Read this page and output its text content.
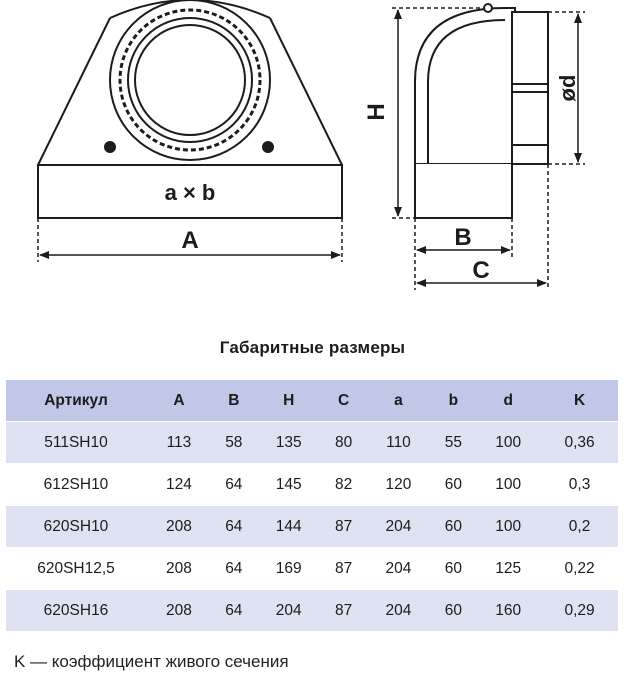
a × b
A
H
ød
B
C
Габаритные размеры
Артикул	A	B	H	C	a	b	d	K
511SH10	113	58	135	80	110	55	100	0,36
612SH10	124	64	145	82	120	60	100	0,3
620SH10	208	64	144	87	204	60	100	0,2
620SH12,5	208	64	169	87	204	60	125	0,22
620SH16	208	64	204	87	204	60	160	0,29
K — коэффициент живого сечения
